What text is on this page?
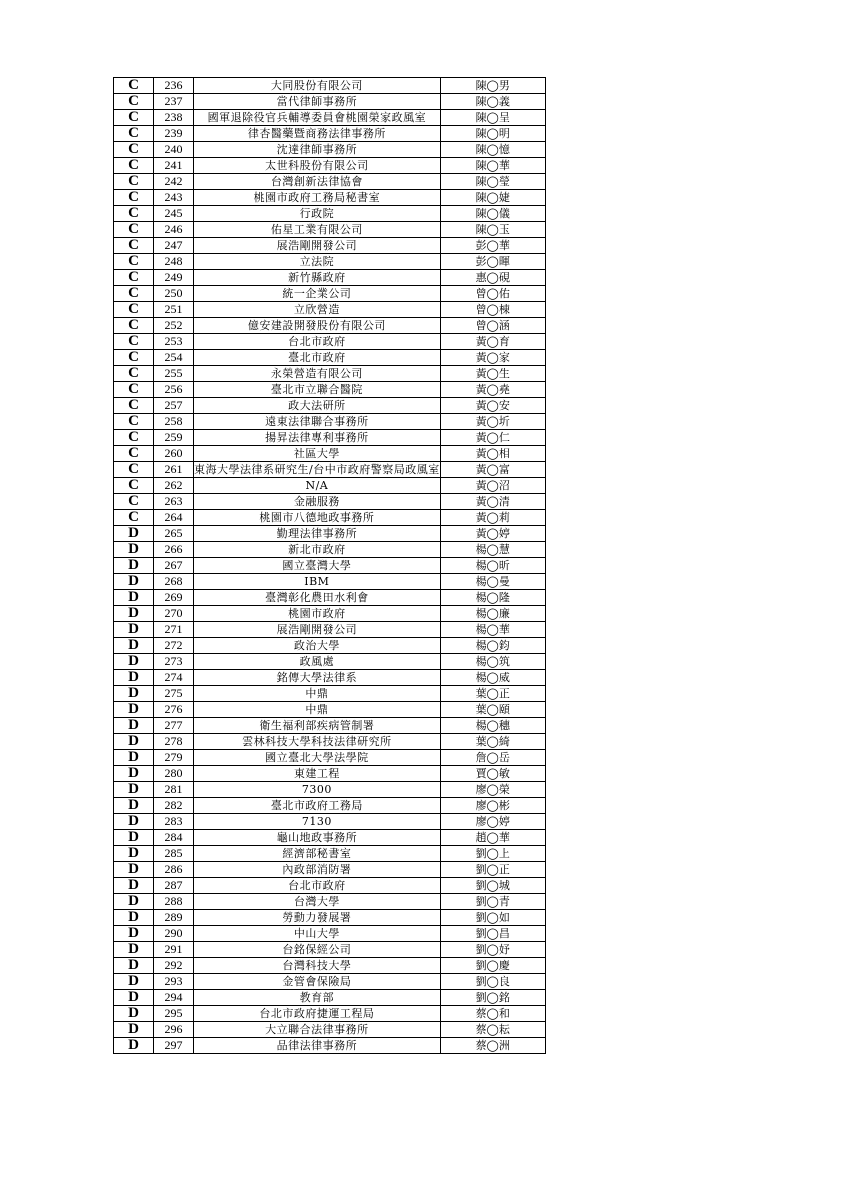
C	236	大同股份有限公司	陳◯男
C	237	當代律師事務所	陳◯義
C	238	國軍退除役官兵輔導委員會桃園榮家政風室	陳◯呈
C	239	律杏醫藥暨商務法律事務所	陳◯明
C	240	沈達律師事務所	陳◯憶
C	241	太世科股份有限公司	陳◯華
C	242	台灣創新法律協會	陳◯瑩
C	243	桃園市政府工務局秘書室	陳◯婕
C	245	行政院	陳◯儀
C	246	佑星工業有限公司	陳◯玉
C	247	展浩剛開發公司	彭◯華
C	248	立法院	彭◯暉
C	249	新竹縣政府	惠◯硯
C	250	統一企業公司	曾◯佑
C	251	立欣營造	曾◯棟
C	252	億安建設開發股份有限公司	曾◯涵
C	253	台北市政府	黃◯育
C	254	臺北市政府	黃◯家
C	255	永榮營造有限公司	黃◯生
C	256	臺北市立聯合醫院	黃◯堯
C	257	政大法研所	黃◯安
C	258	遠東法律聯合事務所	黃◯圻
C	259	揚昇法律專利事務所	黃◯仁
C	260	社區大學	黃◯相
C	261	東海大學法律系研究生/台中市政府警察局政風室	黃◯富
C	262	N/A	黃◯沼
C	263	金融服務	黃◯清
C	264	桃園市八德地政事務所	黃◯莉
D	265	勤理法律事務所	黃◯婷
D	266	新北市政府	楊◯慧
D	267	國立臺灣大學	楊◯昕
D	268	IBM	楊◯曼
D	269	臺灣彰化農田水利會	楊◯隆
D	270	桃園市政府	楊◯廉
D	271	展浩剛開發公司	楊◯華
D	272	政治大學	楊◯鈞
D	273	政風處	楊◯筑
D	274	銘傳大學法律系	楊◯威
D	275	中鼎	葉◯正
D	276	中鼎	葉◯頤
D	277	衛生福利部疾病管制署	楊◯穗
D	278	雲林科技大學科技法律研究所	葉◯綺
D	279	國立臺北大學法學院	詹◯岳
D	280	東建工程	賈◯敏
D	281	7300	廖◯榮
D	282	臺北市政府工務局	廖◯彬
D	283	7130	廖◯婷
D	284	龜山地政事務所	趙◯華
D	285	經濟部秘書室	劉◯上
D	286	內政部消防署	劉◯正
D	287	台北市政府	劉◯城
D	288	台灣大學	劉◯青
D	289	勞動力發展署	劉◯如
D	290	中山大學	劉◯昌
D	291	台銘保經公司	劉◯妤
D	292	台灣科技大學	劉◯慶
D	293	金管會保險局	劉◯良
D	294	教育部	劉◯銘
D	295	台北市政府捷運工程局	蔡◯和
D	296	大立聯合法律事務所	蔡◯耘
D	297	品律法律事務所	蔡◯洲
